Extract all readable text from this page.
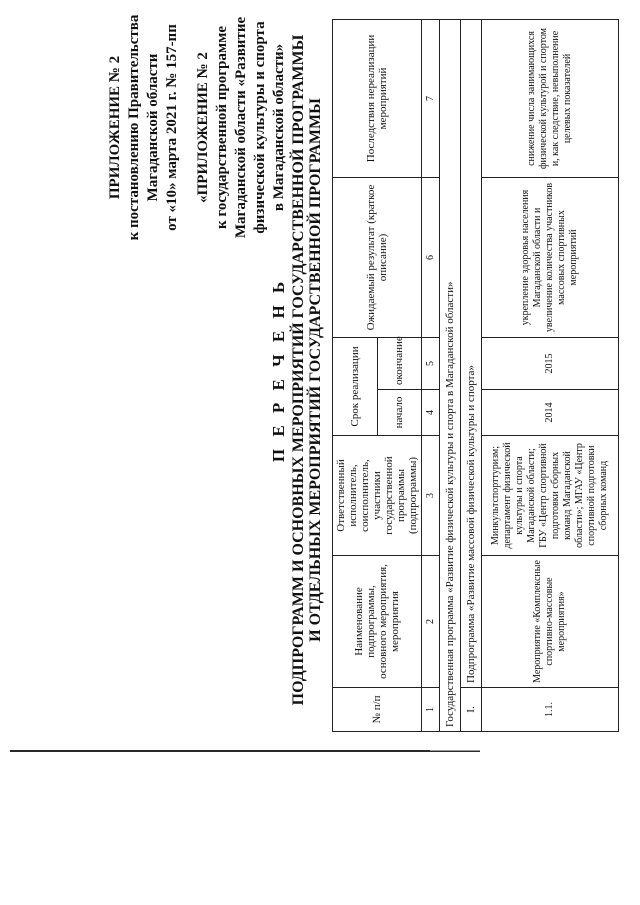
ПРИЛОЖЕНИЕ № 2 к постановлению Правительства Магаданской области от «10» марта 2021 г. № 157-пп «ПРИЛОЖЕНИЕ № 2 к государственной программе Магаданской области «Развитие физической культуры и спорта в Магаданской области»
П Е Р Е Ч Е Н Ь ПОДПРОГРАММ И ОСНОВНЫХ МЕРОПРИЯТИЙ ГОСУДАРСТВЕННОЙ ПРОГРАММЫ И ОТДЕЛЬНЫХ МЕРОПРИЯТИЙ ГОСУДАРСТВЕННОЙ ПРОГРАММЫ
№ п/п	Наименование подпрограммы, основного мероприятия, мероприятия	Ответственный исполнитель, соисполнитель, участники государственной программы (подпрограммы)	Срок реализации		Ожидаемый результат (краткое описание)	Последствия нереализации мероприятий
			начало	окончание		
1	2	3	4	5	6	7
Государственная программа «Развитие физической культуры и спорта в Магаданской области»						
I.	Подпрограмма «Развитие массовой физической культуры и спорта»					
1.1.	Мероприятие «Комплексные спортивно-массовые мероприятия»	Минкультспорттуризм; департамент физической культуры и спорта Магаданской области; ГБУ «Центр спортивной подготовки сборных команд Магаданской области»; МГАУ «Центр спортивной подготовки сборных команд	2014	2015	укрепление здоровья населения Магаданской области и увеличение количества участников массовых спортивных мероприятий	снижение числа занимающихся физической культурой и спортом и, как следствие, невыполнение целевых показателей
